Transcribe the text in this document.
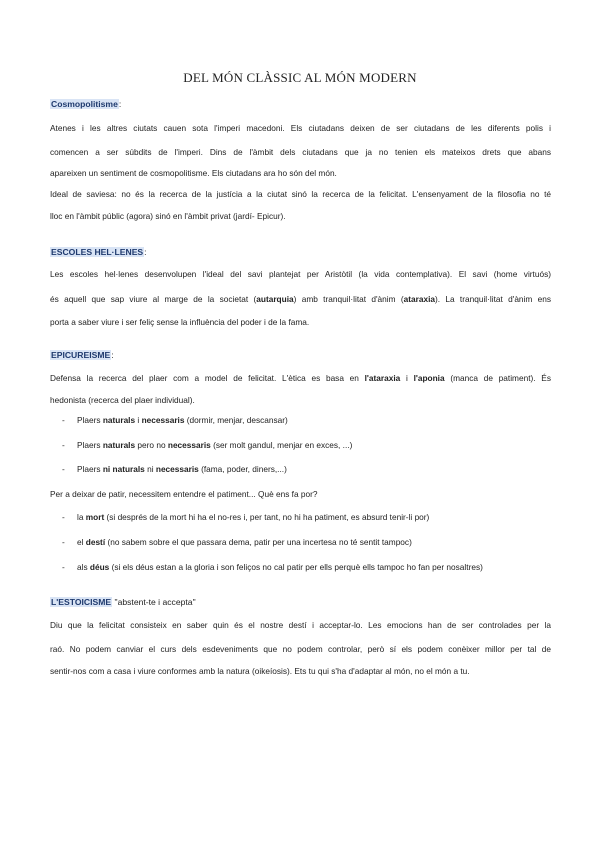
DEL MÓN CLÀSSIC AL MÓN MODERN
Cosmopolitisme:
Atenes i les altres ciutats cauen sota l'imperi macedoni. Els ciutadans deixen de ser ciutadans de les diferents polis i
comencen a ser súbdits de l'imperi. Dins de l'àmbit dels ciutadans que ja no tenien els mateixos drets que abans
apareixen un sentiment de cosmopolitisme. Els ciutadans ara ho són del món.
Ideal de saviesa: no és la recerca de la justícia a la ciutat sinó la recerca de la felicitat. L'ensenyament de la filosofia no té
lloc en l'àmbit públic (agora) sinó en l'àmbit privat (jardí- Epicur).
ESCOLES HEL·LENES:
Les escoles hel·lenes desenvolupen l'ideal del savi plantejat per Aristòtil (la vida contemplativa). El savi (home virtuós)
és aquell que sap viure al marge de la societat (autarquia) amb tranquil·litat d'ànim (ataraxia). La tranquil·litat d'ànim ens
porta a saber viure i ser feliç sense la influència del poder i de la fama.
EPICUREISME:
Defensa la recerca del plaer com a model de felicitat. L'ètica es basa en l'ataraxia i l'aponia (manca de patiment). És
hedonista (recerca del plaer individual).
- Plaers naturals i necessaris (dormir, menjar, descansar)
- Plaers naturals pero no necessaris (ser molt gandul, menjar en exces, ...)
- Plaers ni naturals ni necessaris (fama, poder, diners,...)
Per a deixar de patir, necessitem entendre el patiment... Què ens fa por?
- la mort (si després de la mort hi ha el no-res i, per tant, no hi ha patiment, es absurd tenir-li por)
- el destí (no sabem sobre el que passara dema, patir per una incertesa no té sentit tampoc)
- als déus (si els déus estan a la gloria i son feliços no cal patir per ells perquè ells tampoc ho fan per nosaltres)
L'ESTOICISME "abstent-te i accepta"
Diu que la felicitat consisteix en saber quin és el nostre destí i acceptar-lo. Les emocions han de ser controlades per la
raó. No podem canviar el curs dels esdeveniments que no podem controlar, però sí els podem conèixer millor per tal de
sentir-nos com a casa i viure conformes amb la natura (oikeíosis). Ets tu qui s'ha d'adaptar al món, no el món a tu.
